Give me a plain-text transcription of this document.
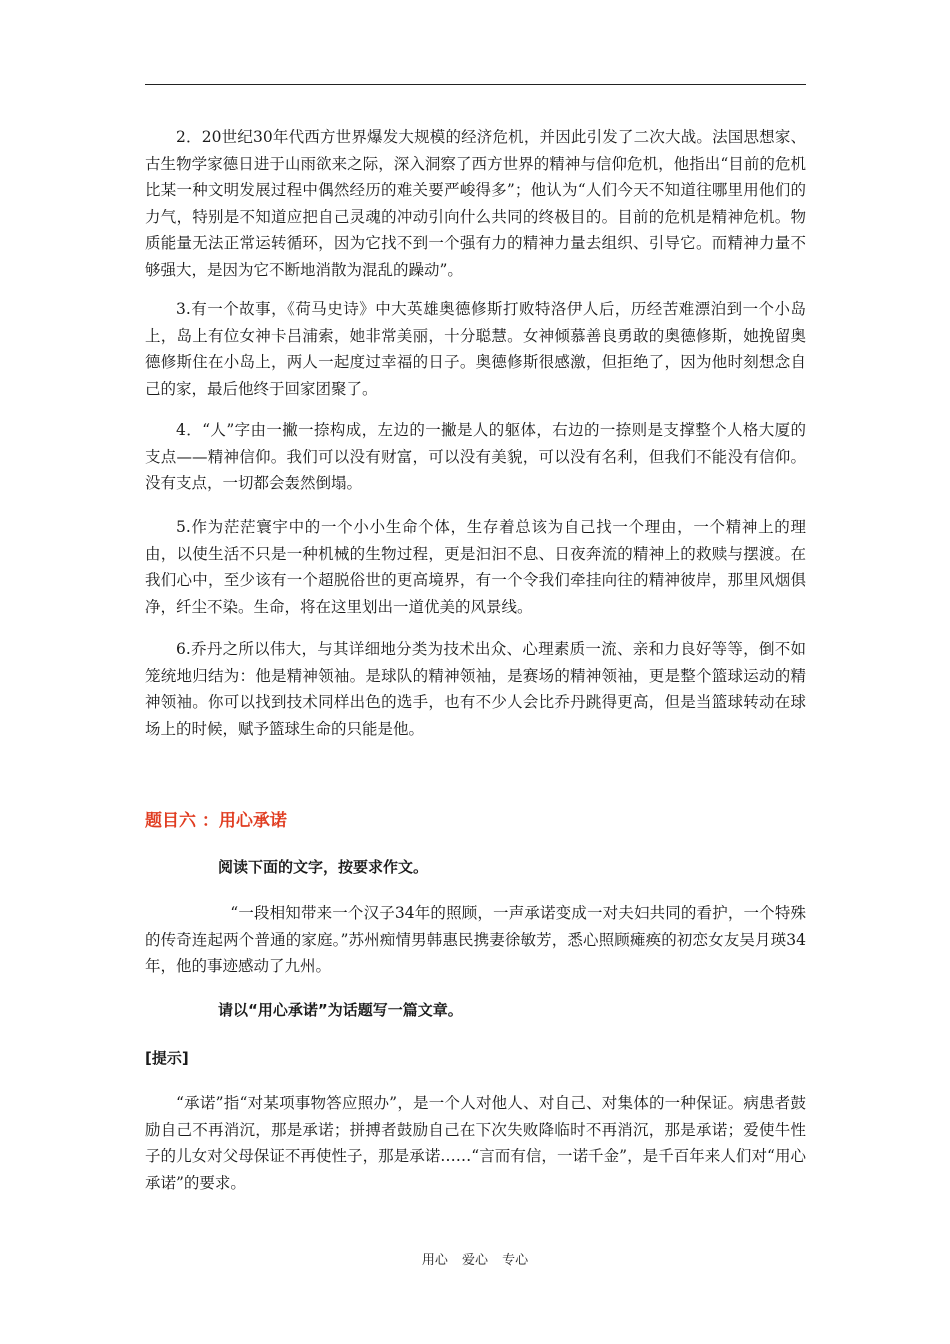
2．20世纪30年代西方世界爆发大规模的经济危机，并因此引发了二次大战。法国思想家、古生物学家德日进于山雨欲来之际，深入洞察了西方世界的精神与信仰危机，他指出“目前的危机比某一种文明发展过程中偶然经历的难关要严峻得多”；他认为“人们今天不知道往哪里用他们的力气，特别是不知道应把自己灵魂的冲动引向什么共同的终极目的。目前的危机是精神危机。物质能量无法正常运转循环，因为它找不到一个强有力的精神力量去组织、引导它。而精神力量不够强大，是因为它不断地消散为混乱的躁动”。

3.有一个故事，《荷马史诗》中大英雄奥德修斯打败特洛伊人后，历经苦难漂泊到一个小岛上，岛上有位女神卡吕浦索，她非常美丽，十分聪慧。女神倾慕善良勇敢的奥德修斯，她挽留奥德修斯住在小岛上，两人一起度过幸福的日子。奥德修斯很感激，但拒绝了，因为他时刻想念自己的家，最后他终于回家团聚了。

4．“人”字由一撇一捺构成，左边的一撇是人的躯体，右边的一捺则是支撑整个人格大厦的支点——精神信仰。我们可以没有财富，可以没有美貌，可以没有名利，但我们不能没有信仰。没有支点，一切都会轰然倒塌。

5.作为茫茫寰宇中的一个小小生命个体，生存着总该为自己找一个理由，一个精神上的理由，以使生活不只是一种机械的生物过程，更是汩汩不息、日夜奔流的精神上的救赎与摆渡。在我们心中，至少该有一个超脱俗世的更高境界，有一个令我们牵挂向往的精神彼岸，那里风烟俱净，纤尘不染。生命，将在这里划出一道优美的风景线。

6.乔丹之所以伟大，与其详细地分类为技术出众、心理素质一流、亲和力良好等等，倒不如笼统地归结为：他是精神领袖。是球队的精神领袖，是赛场的精神领袖，更是整个篮球运动的精神领袖。你可以找到技术同样出色的选手，也有不少人会比乔丹跳得更高，但是当篮球转动在球场上的时候，赋予篮球生命的只能是他。

题目六 ：用心承诺

阅读下面的文字，按要求作文。

“一段相知带来一个汉子34年的照顾，一声承诺变成一对夫妇共同的看护，一个特殊的传奇连起两个普通的家庭。”苏州痴情男韩惠民携妻徐敏芳，悉心照顾瘫痪的初恋女友吴月瑛34年，他的事迹感动了九州。

请以“用心承诺”为话题写一篇文章。

[提示]

“承诺”指“对某项事物答应照办”，是一个人对他人、对自己、对集体的一种保证。病患者鼓励自己不再消沉，那是承诺；拼搏者鼓励自己在下次失败降临时不再消沉，那是承诺；爱使牛性子的儿女对父母保证不再使性子，那是承诺……“言而有信，一诺千金”，是千百年来人们对“用心承诺”的要求。

用心 爱心 专心
